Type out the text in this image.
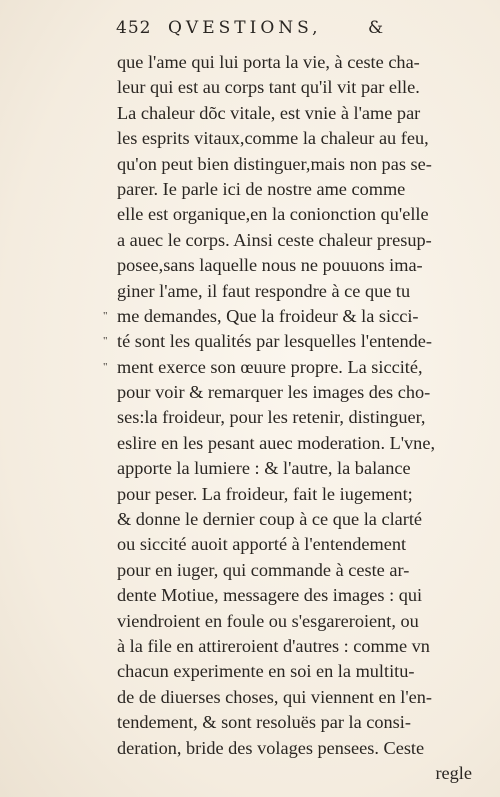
452 QVESTIONS,	&
que l'ame qui lui porta la vie, à ceste cha-
leur qui est au corps tant qu'il vit par elle.
La chaleur dõc vitale, est vnie à l'ame par
les esprits vitaux,comme la chaleur au feu,
qu'on peut bien distinguer,mais non pas se-
parer. Ie parle ici de nostre ame comme
elle est organique,en la conionction qu'elle
a auec le corps. Ainsi ceste chaleur presup-
posee,sans laquelle nous ne pouuons ima-
giner l'ame, il faut respondre à ce que tu
" me demandes, Que la froideur & la sicci-
" té sont les qualités par lesquelles l'entende-
" ment exerce son œuure propre. La siccité,
pour voir & remarquer les images des cho-
ses:la froideur, pour les retenir, distinguer,
eslire en les pesant auec moderation. L'vne,
apporte la lumiere : & l'autre, la balance
pour peser. La froideur, fait le iugement;
& donne le dernier coup à ce que la clarté
ou siccité auoit apporté à l'entendement
pour en iuger, qui commande à ceste ar-
dente Motiue, messagere des images : qui
viendroient en foule ou s'esgareroient, ou
à la file en attireroient d'autres : comme vn
chacun experimente en soi en la multitu-
de de diuerses choses, qui viennent en l'en-
tendement, & sont resoluës par la consi-
deration, bride des volages pensees. Ceste
regle
